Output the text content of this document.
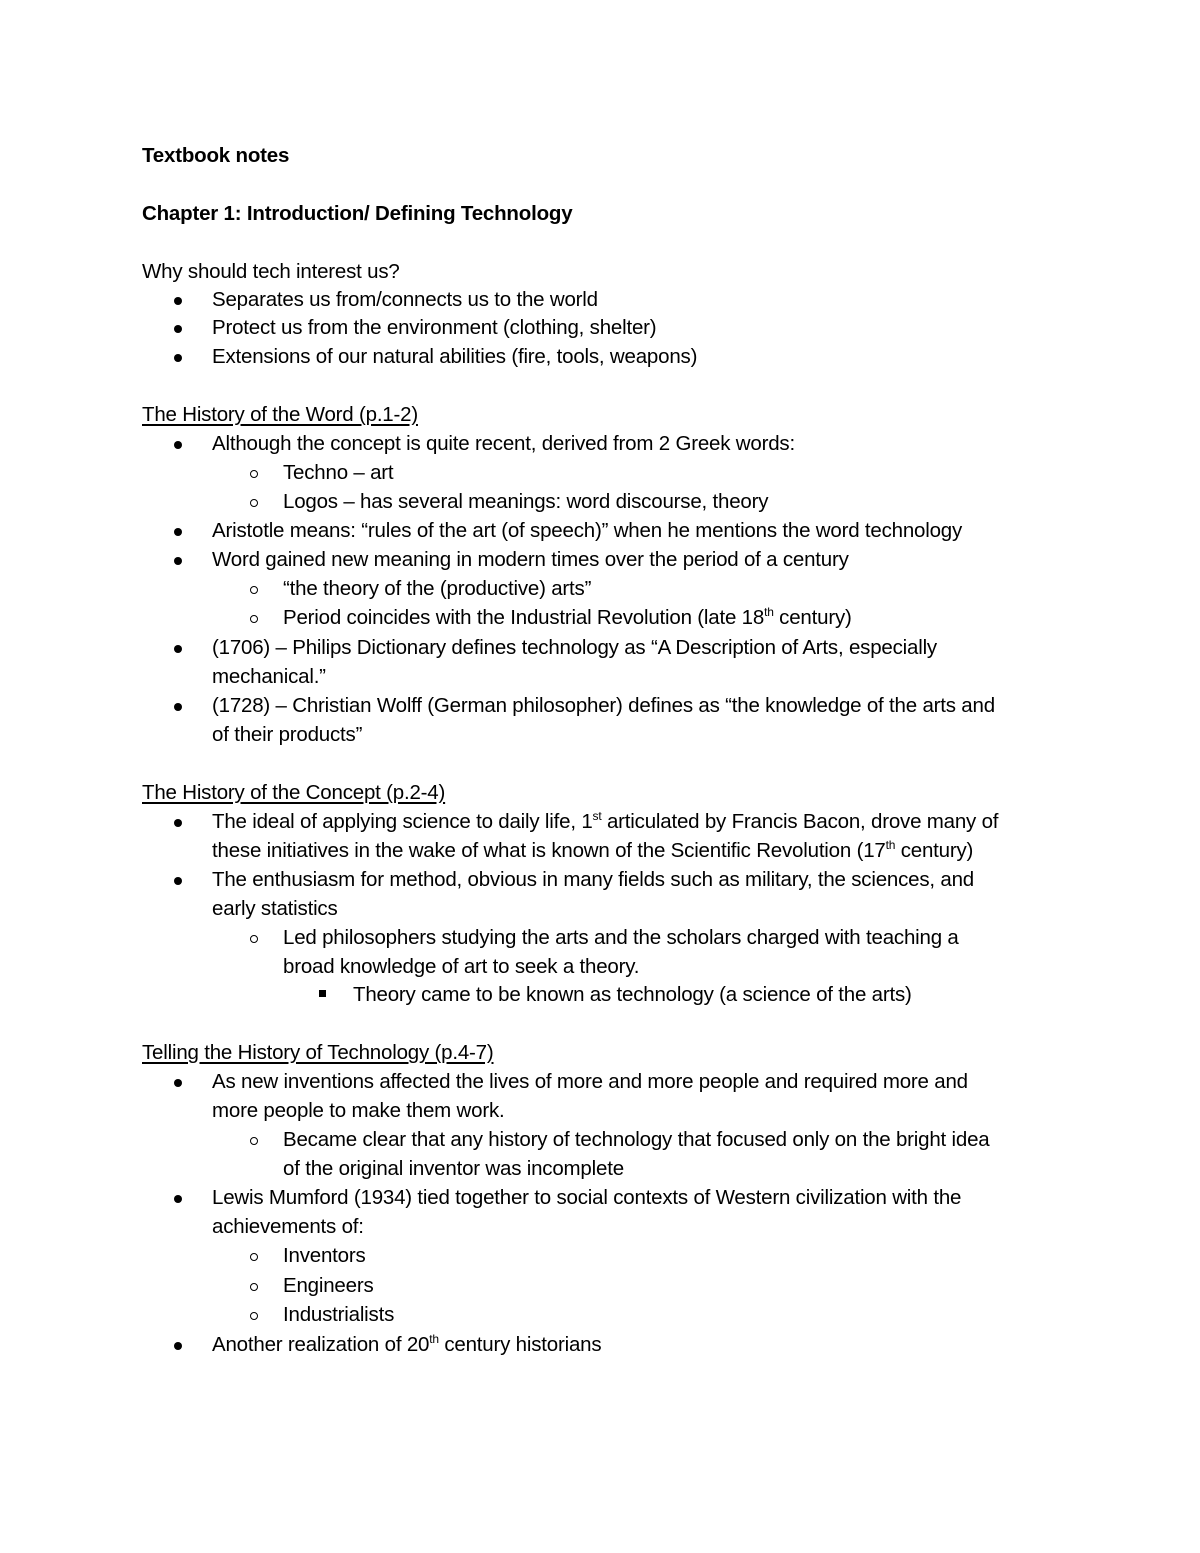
Textbook notes
Chapter 1: Introduction/ Defining Technology
Why should tech interest us?
Separates us from/connects us to the world
Protect us from the environment (clothing, shelter)
Extensions of our natural abilities (fire, tools, weapons)
The History of the Word (p.1-2)
Although the concept is quite recent, derived from 2 Greek words:
Techno – art
Logos – has several meanings: word discourse, theory
Aristotle means: “rules of the art (of speech)” when he mentions the word technology
Word gained new meaning in modern times over the period of a century
“the theory of the (productive) arts”
Period coincides with the Industrial Revolution (late 18th century)
(1706) – Philips Dictionary defines technology as “A Description of Arts, especially
mechanical.”
(1728) – Christian Wolff (German philosopher) defines as “the knowledge of the arts and
of their products”
The History of the Concept (p.2-4)
The ideal of applying science to daily life, 1st articulated by Francis Bacon, drove many of
these initiatives in the wake of what is known of the Scientific Revolution (17th century)
The enthusiasm for method, obvious in many fields such as military, the sciences, and
early statistics
Led philosophers studying the arts and the scholars charged with teaching a
broad knowledge of art to seek a theory.
Theory came to be known as technology (a science of the arts)
Telling the History of Technology (p.4-7)
As new inventions affected the lives of more and more people and required more and
more people to make them work.
Became clear that any history of technology that focused only on the bright idea
of the original inventor was incomplete
Lewis Mumford (1934) tied together to social contexts of Western civilization with the
achievements of:
Inventors
Engineers
Industrialists
Another realization of 20th century historians
